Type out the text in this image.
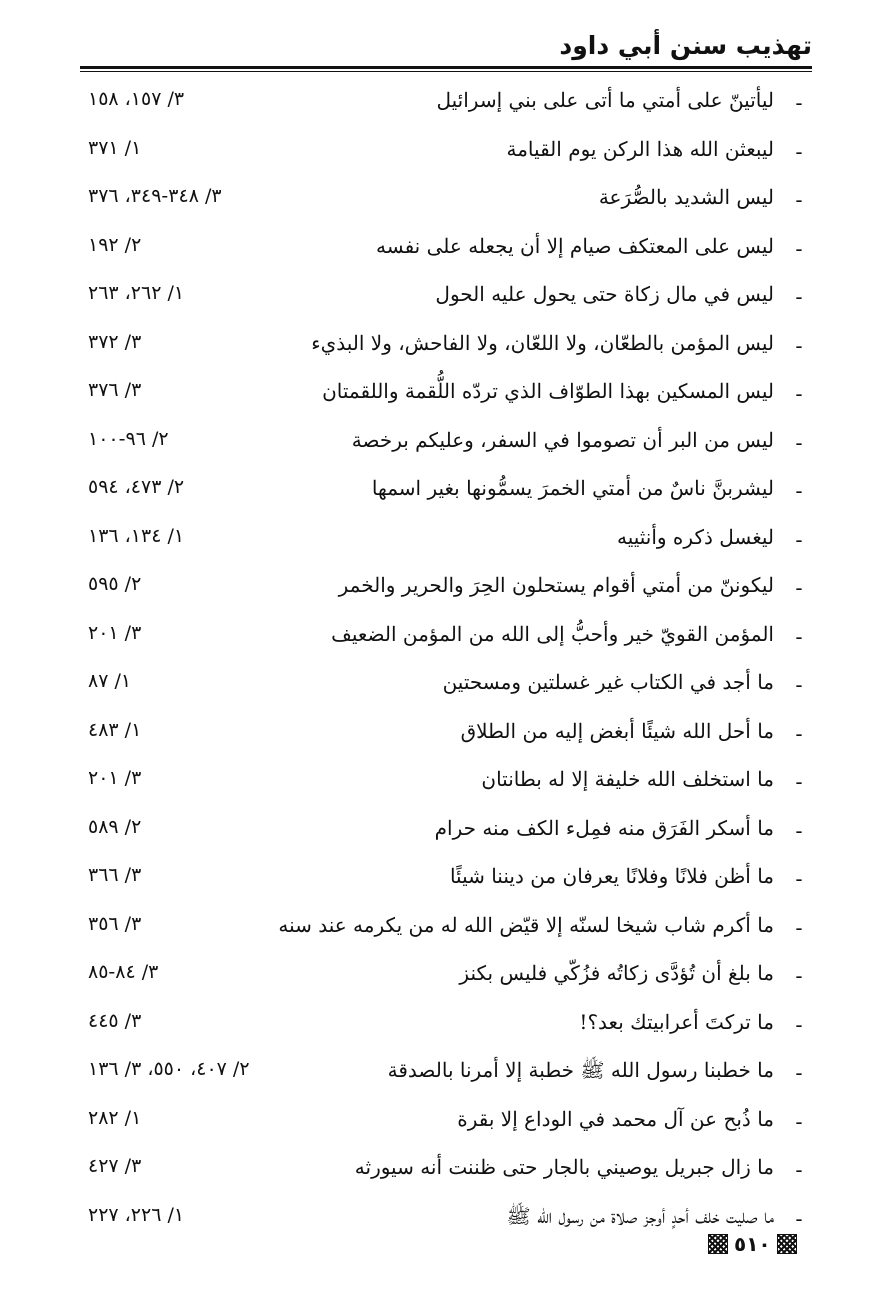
تهذيب سنن أبي داود
-
ليأتينّ على أمتي ما أتى على بني إسرائيل
٣/ ١٥٧، ١٥٨
-
ليبعثن الله هذا الركن يوم القيامة
١/ ٣٧١
-
ليس الشديد بالصُّرَعة
٣/ ٣٤٨-٣٤٩، ٣٧٦
-
ليس على المعتكف صيام إلا أن يجعله على نفسه
٢/ ١٩٢
-
ليس في مال زكاة حتى يحول عليه الحول
١/ ٢٦٢، ٢٦٣
-
ليس المؤمن بالطعّان، ولا اللعّان، ولا الفاحش، ولا البذيء
٣/ ٣٧٢
-
ليس المسكين بهذا الطوّاف الذي تردّه اللُّقمة واللقمتان
٣/ ٣٧٦
-
ليس من البر أن تصوموا في السفر، وعليكم برخصة
٢/ ٩٦-١٠٠
-
ليشربنَّ ناسٌ من أمتي الخمرَ يسمُّونها بغير اسمها
٢/ ٤٧٣، ٥٩٤
-
ليغسل ذكره وأنثييه
١/ ١٣٤، ١٣٦
-
ليكوننّ من أمتي أقوام يستحلون الحِرَ والحرير والخمر
٢/ ٥٩٥
-
المؤمن القويّ خير وأحبُّ إلى الله من المؤمن الضعيف
٣/ ٢٠١
-
ما أجد في الكتاب غير غسلتين ومسحتين
١/ ٨٧
-
ما أحل الله شيئًا أبغض إليه من الطلاق
١/ ٤٨٣
-
ما استخلف الله خليفة إلا له بطانتان
٣/ ٢٠١
-
ما أسكر الفَرَق منه فمِلء الكف منه حرام
٢/ ٥٨٩
-
ما أظن فلانًا وفلانًا يعرفان من ديننا شيئًا
٣/ ٣٦٦
-
ما أكرم شاب شيخا لسنّه إلا قيّض الله له من يكرمه عند سنه
٣/ ٣٥٦
-
ما بلغ أن تُؤدَّى زكاتُه فزُكّي فليس بكنز
٣/ ٨٤-٨٥
-
ما تركتَ أعرابيتك بعد؟!
٣/ ٤٤٥
-
ما خطبنا رسول الله ﷺ خطبة إلا أمرنا بالصدقة
٢/ ٤٠٧، ٥٥٠، ٣/ ١٣٦
-
ما ذُبح عن آل محمد في الوداع إلا بقرة
١/ ٢٨٢
-
ما زال جبريل يوصيني بالجار حتى ظننت أنه سيورثه
٣/ ٤٢٧
-
ما صليت خلف أحدٍ أوجز صلاة من رسول الله ﷺ
١/ ٢٢٦، ٢٢٧
٥١٠
